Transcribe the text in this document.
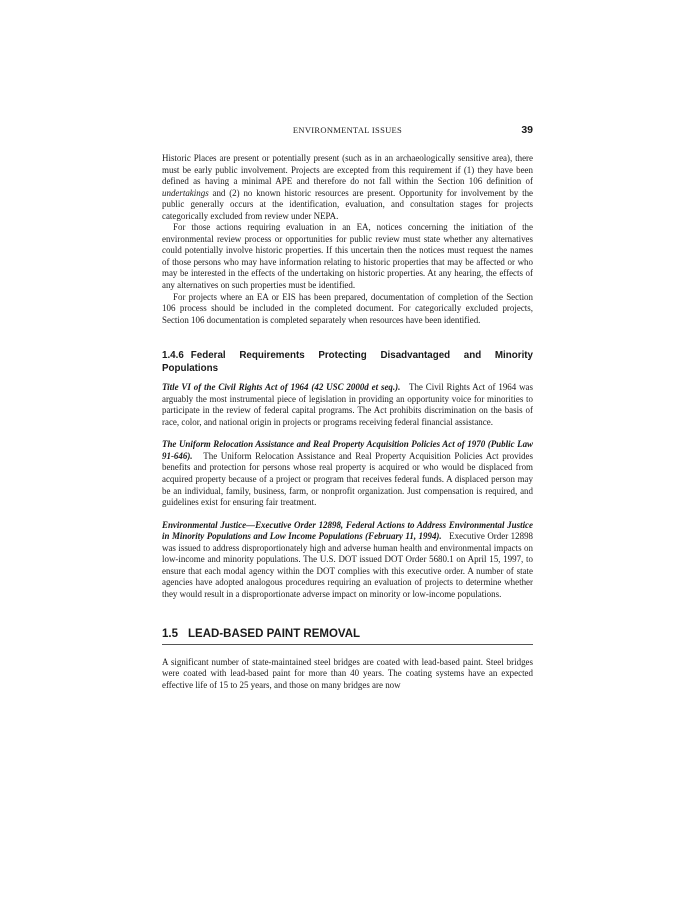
ENVIRONMENTAL ISSUES	39

Historic Places are present or potentially present (such as in an archaeologically sensitive area), there must be early public involvement. Projects are excepted from this requirement if (1) they have been defined as having a minimal APE and therefore do not fall within the Section 106 definition of undertakings and (2) no known historic resources are present. Opportunity for involvement by the public generally occurs at the identification, evaluation, and consultation stages for projects categorically excluded from review under NEPA.

For those actions requiring evaluation in an EA, notices concerning the initiation of the environmental review process or opportunities for public review must state whether any alternatives could potentially involve historic properties. If this uncertain then the notices must request the names of those persons who may have information relating to historic properties that may be affected or who may be interested in the effects of the undertaking on historic properties. At any hearing, the effects of any alternatives on such properties must be identified.

For projects where an EA or EIS has been prepared, documentation of completion of the Section 106 process should be included in the completed document. For categorically excluded projects, Section 106 documentation is completed separately when resources have been identified.

1.4.6 Federal Requirements Protecting Disadvantaged and Minority Populations

Title VI of the Civil Rights Act of 1964 (42 USC 2000d et seq.). The Civil Rights Act of 1964 was arguably the most instrumental piece of legislation in providing an opportunity voice for minorities to participate in the review of federal capital programs. The Act prohibits discrimination on the basis of race, color, and national origin in projects or programs receiving federal financial assistance.

The Uniform Relocation Assistance and Real Property Acquisition Policies Act of 1970 (Public Law 91-646). The Uniform Relocation Assistance and Real Property Acquisition Policies Act provides benefits and protection for persons whose real property is acquired or who would be displaced from acquired property because of a project or program that receives federal funds. A displaced person may be an individual, family, business, farm, or nonprofit organization. Just compensation is required, and guidelines exist for ensuring fair treatment.

Environmental Justice—Executive Order 12898, Federal Actions to Address Environmental Justice in Minority Populations and Low Income Populations (February 11, 1994). Executive Order 12898 was issued to address disproportionately high and adverse human health and environmental impacts on low-income and minority populations. The U.S. DOT issued DOT Order 5680.1 on April 15, 1997, to ensure that each modal agency within the DOT complies with this executive order. A number of state agencies have adopted analogous procedures requiring an evaluation of projects to determine whether they would result in a disproportionate adverse impact on minority or low-income populations.

1.5 LEAD-BASED PAINT REMOVAL

A significant number of state-maintained steel bridges are coated with lead-based paint. Steel bridges were coated with lead-based paint for more than 40 years. The coating systems have an expected effective life of 15 to 25 years, and those on many bridges are now
